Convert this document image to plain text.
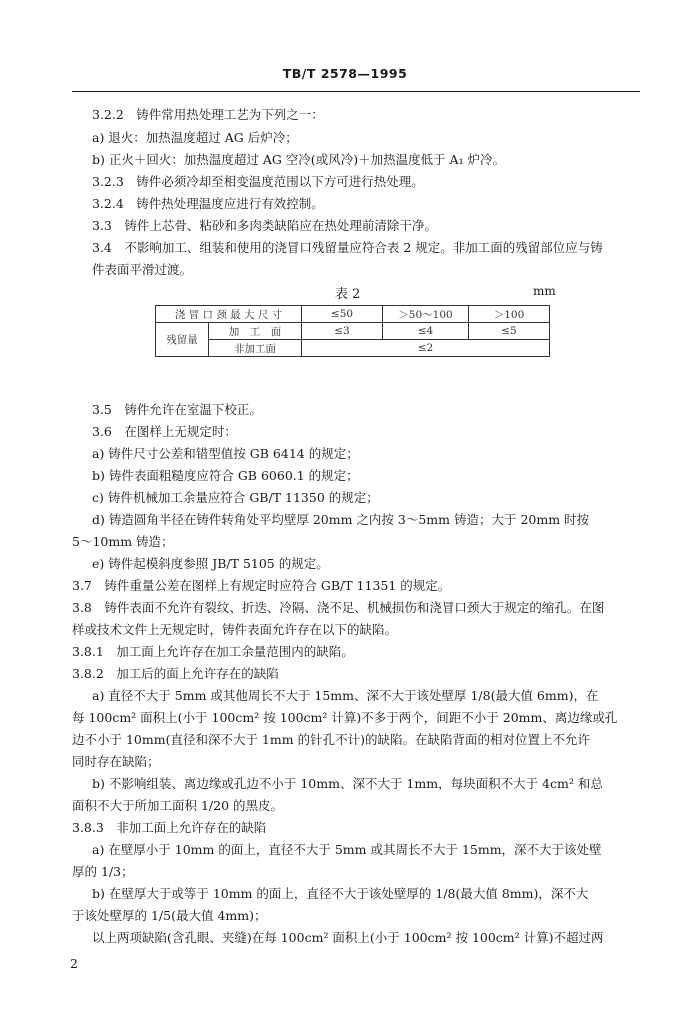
TB/T 2578—1995
3.2.2　铸件常用热处理工艺为下列之一：
a) 退火：加热温度超过 AG 后炉冷；
b) 正火＋回火：加热温度超过 AG 空冷(或风冷)＋加热温度低于 A₁ 炉冷。
3.2.3　铸件必须冷却至相变温度范围以下方可进行热处理。
3.2.4　铸件热处理温度应进行有效控制。
3.3　铸件上芯骨、粘砂和多肉类缺陷应在热处理前清除干净。
3.4　不影响加工、组装和使用的浇冒口残留量应符合表 2 规定。非加工面的残留部位应与铸
件表面平滑过渡。
表 2	mm
浇 冒 口 颈 最 大 尺 寸		≤50	＞50～100	＞100
残留量	加　工　面	≤3	≤4	≤5
	非加工面	≤2		
3.5　铸件允许在室温下校正。
3.6　在图样上无规定时：
a) 铸件尺寸公差和错型值按 GB 6414 的规定；
b) 铸件表面粗糙度应符合 GB 6060.1 的规定；
c) 铸件机械加工余量应符合 GB/T 11350 的规定；
d) 铸造圆角半径在铸件转角处平均壁厚 20mm 之内按 3～5mm 铸造；大于 20mm 时按
5～10mm 铸造；
e) 铸件起模斜度参照 JB/T 5105 的规定。
3.7　铸件重量公差在图样上有规定时应符合 GB/T 11351 的规定。
3.8　铸件表面不允许有裂纹、折迭、冷隔、浇不足、机械损伤和浇冒口颈大于规定的缩孔。在图
样或技术文件上无规定时，铸件表面允许存在以下的缺陷。
3.8.1　加工面上允许存在加工余量范围内的缺陷。
3.8.2　加工后的面上允许存在的缺陷
a) 直径不大于 5mm 或其他周长不大于 15mm、深不大于该处壁厚 1/8(最大值 6mm)，在
每 100cm² 面积上(小于 100cm² 按 100cm² 计算)不多于两个，间距不小于 20mm、离边缘或孔
边不小于 10mm(直径和深不大于 1mm 的针孔不计)的缺陷。在缺陷背面的相对位置上不允许
同时存在缺陷；
b) 不影响组装、离边缘或孔边不小于 10mm、深不大于 1mm，每块面积不大于 4cm² 和总
面积不大于所加工面积 1/20 的黑皮。
3.8.3　非加工面上允许存在的缺陷
a) 在壁厚小于 10mm 的面上，直径不大于 5mm 或其周长不大于 15mm，深不大于该处壁
厚的 1/3；
b) 在壁厚大于或等于 10mm 的面上，直径不大于该处壁厚的 1/8(最大值 8mm)，深不大
于该处壁厚的 1/5(最大值 4mm)；
以上两项缺陷(含孔眼、夹缝)在每 100cm² 面积上(小于 100cm² 按 100cm² 计算)不超过两
2
